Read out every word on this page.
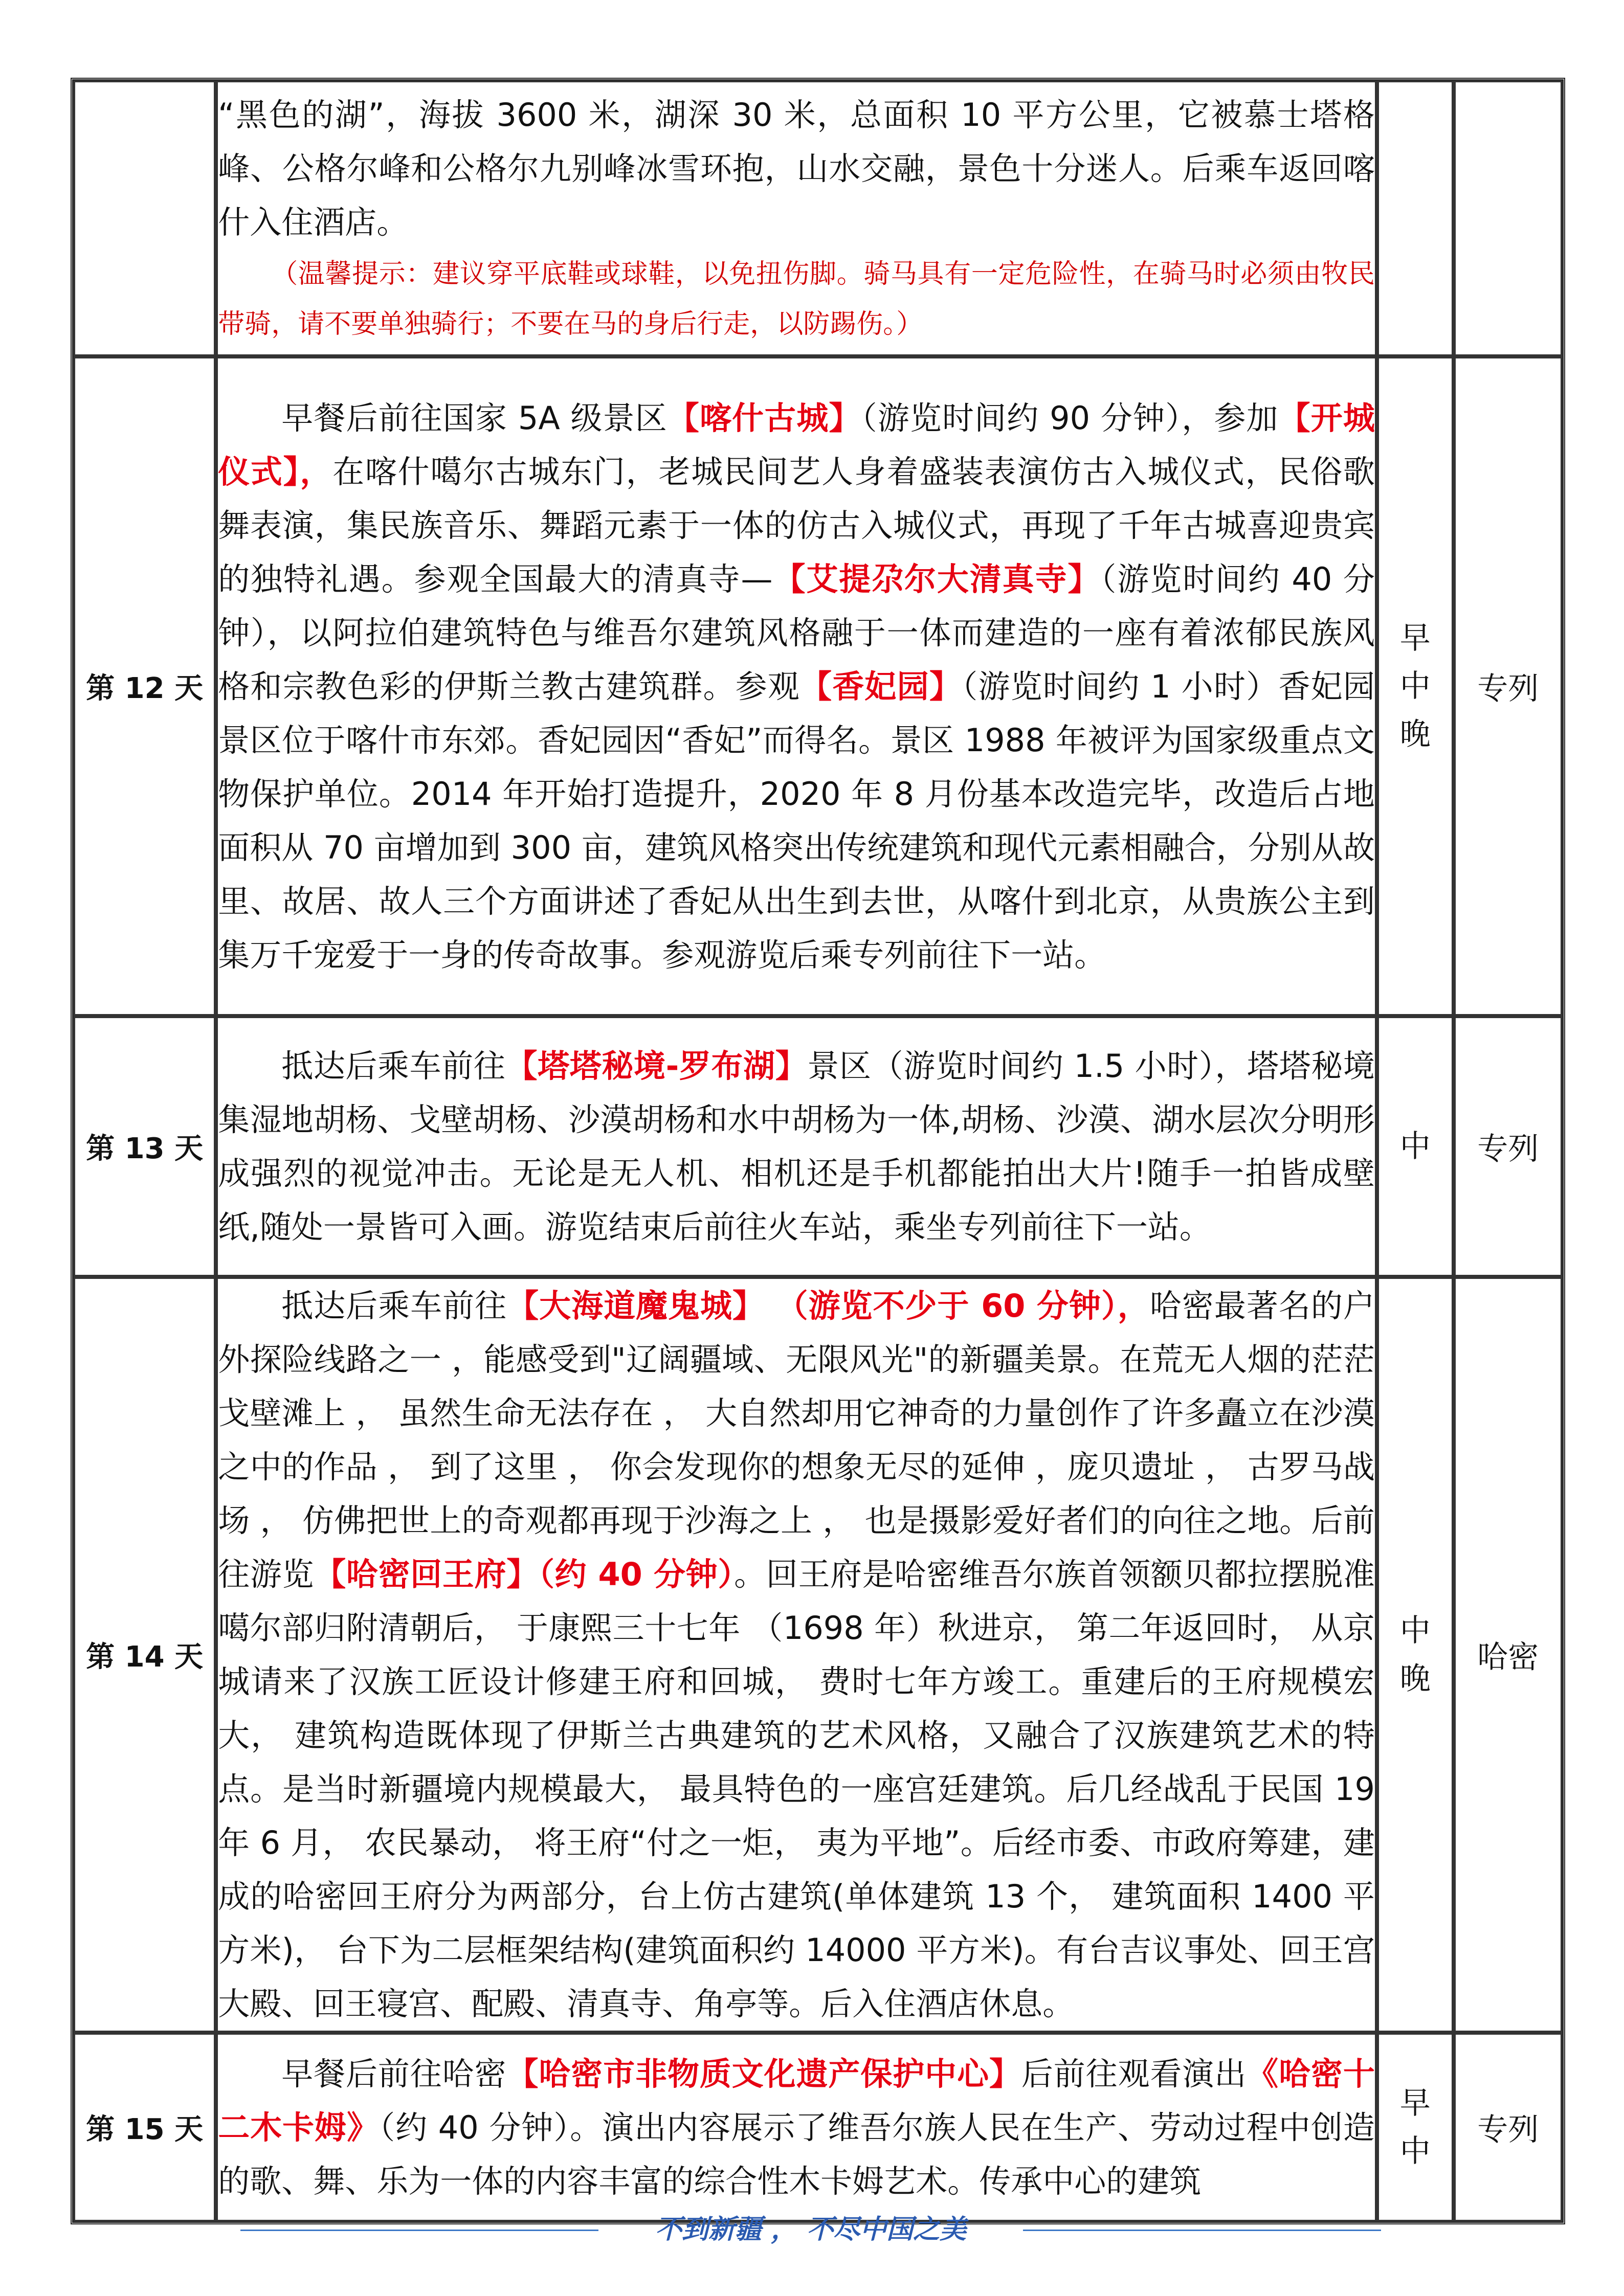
	“黑色的湖”，海拔 3600 米，湖深 30 米，总面积 10 平方公里，它被慕士塔格峰、公格尔峰和公格尔九别峰冰雪环抱，山水交融，景色十分迷人。后乘车返回喀什入住酒店。

（温馨提示：建议穿平底鞋或球鞋，以免扭伤脚。骑马具有一定危险性，在骑马时必须由牧民带骑，请不要单独骑行；不要在马的身后行走，以防踢伤。）		

第 12 天	早餐后前往国家 5A 级景区【喀什古城】（游览时间约 90 分钟），参加【开城仪式】，在喀什噶尔古城东门，老城民间艺人身着盛装表演仿古入城仪式，民俗歌舞表演，集民族音乐、舞蹈元素于一体的仿古入城仪式，再现了千年古城喜迎贵宾的独特礼遇。参观全国最大的清真寺—【艾提尕尔大清真寺】（游览时间约 40 分钟），以阿拉伯建筑特色与维吾尔建筑风格融于一体而建造的一座有着浓郁民族风格和宗教色彩的伊斯兰教古建筑群。参观【香妃园】（游览时间约 1 小时）香妃园景区位于喀什市东郊。香妃园因“香妃”而得名。景区 1988 年被评为国家级重点文物保护单位。2014 年开始打造提升，2020 年 8 月份基本改造完毕，改造后占地面积从 70 亩增加到 300 亩，建筑风格突出传统建筑和现代元素相融合，分别从故里、故居、故人三个方面讲述了香妃从出生到去世，从喀什到北京，从贵族公主到集万千宠爱于一身的传奇故事。参观游览后乘专列前往下一站。	早中晚	专列
第 13 天	抵达后乘车前往【塔塔秘境-罗布湖】景区（游览时间约 1.5 小时），塔塔秘境集湿地胡杨、戈壁胡杨、沙漠胡杨和水中胡杨为一体,胡杨、沙漠、湖水层次分明形成强烈的视觉冲击。无论是无人机、相机还是手机都能拍出大片!随手一拍皆成壁纸,随处一景皆可入画。游览结束后前往火车站，乘坐专列前往下一站。	中	专列
第 14 天	抵达后乘车前往【大海道魔鬼城】 （游览不少于 60 分钟），哈密最著名的户外探险线路之一 ，能感受到"辽阔疆域、无限风光"的新疆美景。在荒无人烟的茫茫戈壁滩上 ， 虽然生命无法存在 ， 大自然却用它神奇的力量创作了许多矗立在沙漠之中的作品 ， 到了这里 ， 你会发现你的想象无尽的延伸 ，庞贝遗址 ， 古罗马战场 ， 仿佛把世上的奇观都再现于沙海之上 ， 也是摄影爱好者们的向往之地。后前往游览【哈密回王府】（约 40 分钟）。回王府是哈密维吾尔族首领额贝都拉摆脱准噶尔部归附清朝后， 于康熙三十七年 （1698 年）秋进京， 第二年返回时， 从京城请来了汉族工匠设计修建王府和回城， 费时七年方竣工。重建后的王府规模宏大， 建筑构造既体现了伊斯兰古典建筑的艺术风格，又融合了汉族建筑艺术的特点。是当时新疆境内规模最大， 最具特色的一座宫廷建筑。后几经战乱于民国 19 年 6 月， 农民暴动， 将王府“付之一炬， 夷为平地”。后经市委、市政府筹建，建成的哈密回王府分为两部分，台上仿古建筑(单体建筑 13 个， 建筑面积 1400 平方米)， 台下为二层框架结构(建筑面积约 14000 平方米)。有台吉议事处、回王宫大殿、回王寝宫、配殿、清真寺、角亭等。后入住酒店休息。	中晚	哈密
第 15 天	早餐后前往哈密【哈密市非物质文化遗产保护中心】后前往观看演出《哈密十二木卡姆》（约 40 分钟）。演出内容展示了维吾尔族人民在生产、劳动过程中创造的歌、舞、乐为一体的内容丰富的综合性木卡姆艺术。传承中心的建筑	早中	专列
不到新疆 ， 不尽中国之美
